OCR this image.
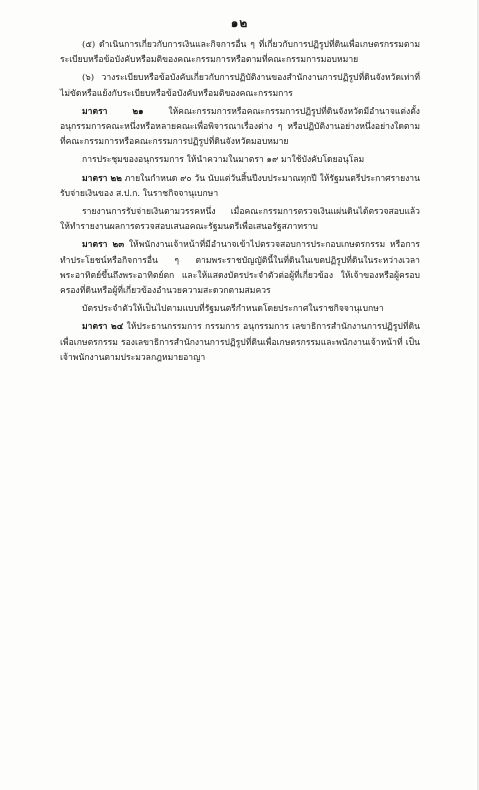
๑๒

(๕) ดำเนินการเกี่ยวกับการเงินและกิจการอื่น ๆ ที่เกี่ยวกับการปฏิรูปที่ดินเพื่อเกษตรกรรมตามระเบียบหรือข้อบังคับหรือมติของคณะกรรมการหรือตามที่คณะกรรมการมอบหมาย

(๖) วางระเบียบหรือข้อบังคับเกี่ยวกับการปฏิบัติงานของสำนักงานการปฏิรูปที่ดินจังหวัดเท่าที่ไม่ขัดหรือแย้งกับระเบียบหรือข้อบังคับหรือมติของคณะกรรมการ

มาตรา ๒๑ ให้คณะกรรมการหรือคณะกรรมการปฏิรูปที่ดินจังหวัดมีอำนาจแต่งตั้งอนุกรรมการคณะหนึ่งหรือหลายคณะเพื่อพิจารณาเรื่องต่าง ๆ หรือปฏิบัติงานอย่างหนึ่งอย่างใดตามที่คณะกรรมการหรือคณะกรรมการปฏิรูปที่ดินจังหวัดมอบหมาย

การประชุมของอนุกรรมการ ให้นำความในมาตรา ๑๙ มาใช้บังคับโดยอนุโลม

มาตรา ๒๒ ภายในกำหนด ๙๐ วัน นับแต่วันสิ้นปีงบประมาณทุกปี ให้รัฐมนตรีประกาศรายงานรับจ่ายเงินของ ส.ป.ก. ในราชกิจจานุเบกษา

รายงานการรับจ่ายเงินตามวรรคหนึ่ง เมื่อคณะกรรมการตรวจเงินแผ่นดินได้ตรวจสอบแล้ว ให้ทำรายงานผลการตรวจสอบเสนอคณะรัฐมนตรีเพื่อเสนอรัฐสภาทราบ

มาตรา ๒๓ ให้พนักงานเจ้าหน้าที่มีอำนาจเข้าไปตรวจสอบการประกอบเกษตรกรรม หรือการทำประโยชน์หรือกิจการอื่น ๆ ตามพระราชบัญญัตินี้ในที่ดินในเขตปฏิรูปที่ดินในระหว่างเวลาพระอาทิตย์ขึ้นถึงพระอาทิตย์ตก และให้แสดงบัตรประจำตัวต่อผู้ที่เกี่ยวข้อง ให้เจ้าของหรือผู้ครอบครองที่ดินหรือผู้ที่เกี่ยวข้องอำนวยความสะดวกตามสมควร

บัตรประจำตัวให้เป็นไปตามแบบที่รัฐมนตรีกำหนดโดยประกาศในราชกิจจานุเบกษา

มาตรา ๒๔ ให้ประธานกรรมการ กรรมการ อนุกรรมการ เลขาธิการสำนักงานการปฏิรูปที่ดินเพื่อเกษตรกรรม รองเลขาธิการสำนักงานการปฏิรูปที่ดินเพื่อเกษตรกรรมและพนักงานเจ้าหน้าที่ เป็นเจ้าพนักงานตามประมวลกฎหมายอาญา
